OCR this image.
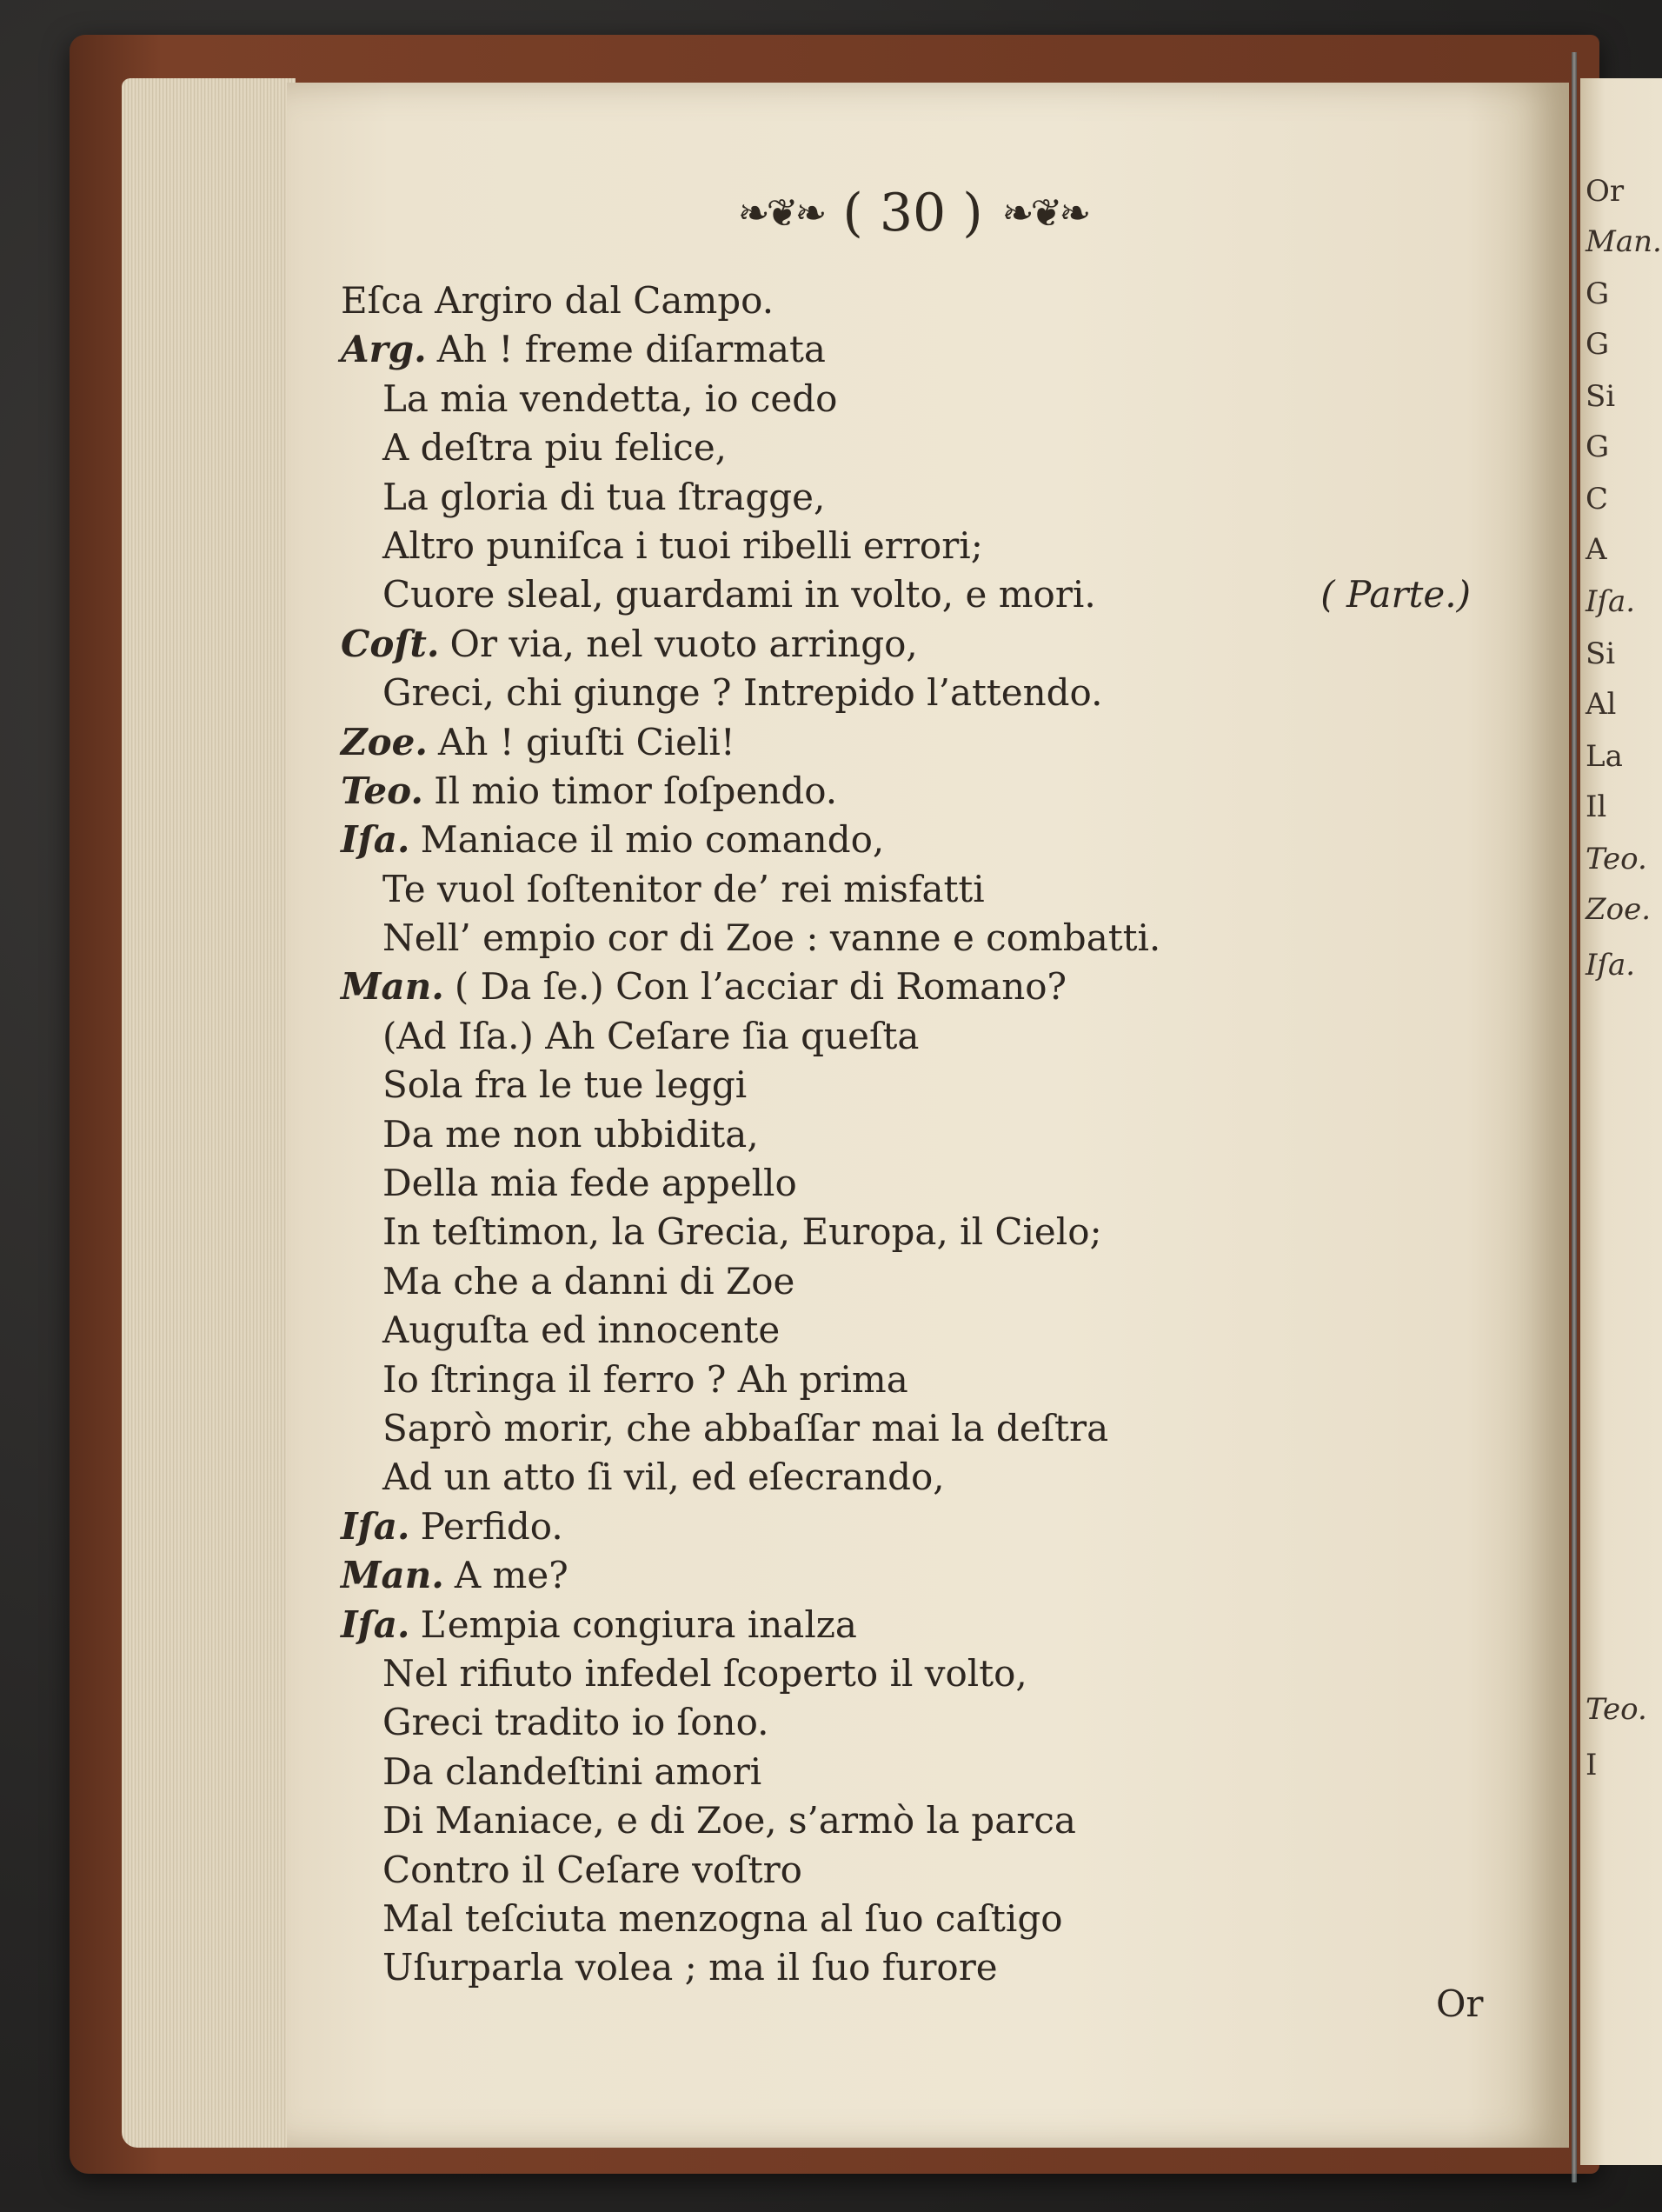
❧❦❧ ( 30 ) ❧❦❧
Eſca Argiro dal Campo.
Arg. Ah ! freme diſarmata
La mia vendetta, io cedo
A deſtra piu felice,
La gloria di tua ſtragge,
Altro puniſca i tuoi ribelli errori;
Cuore sleal, guardami in volto, e mori.	( Parte.)
Coſt. Or via, nel vuoto arringo,
Greci, chi giunge ? Intrepido l’attendo.
Zoe. Ah ! giuſti Cieli!
Teo. Il mio timor ſoſpendo.
Iſa. Maniace il mio comando,
Te vuol ſoſtenitor de’ rei misfatti
Nell’ empio cor di Zoe : vanne e combatti.
Man. ( Da ſe.) Con l’acciar di Romano?
(Ad Iſa.) Ah Ceſare ſia queſta
Sola fra le tue leggi
Da me non ubbidita,
Della mia fede appello
In teſtimon, la Grecia, Europa, il Cielo;
Ma che a danni di Zoe
Auguſta ed innocente
Io ſtringa il ferro ? Ah prima
Saprò morir, che abbaſſar mai la deſtra
Ad un atto ſi vil, ed eſecrando,
Iſa. Perfido.
Man. A me?
Iſa. L’empia congiura inalza
Nel rifiuto infedel ſcoperto il volto,
Greci tradito io ſono.
Da clandeſtini amori
Di Maniace, e di Zoe, s’armò la parca
Contro il Ceſare voſtro
Mal teſciuta menzogna al ſuo caſtigo
Uſurparla volea ; ma il ſuo furore
Or
Or
Man.
G
G
Si
G
C
A
Iſa.
Si
Al
La
Il
Teo.
Zoe.
Iſa.
Teo.
I
